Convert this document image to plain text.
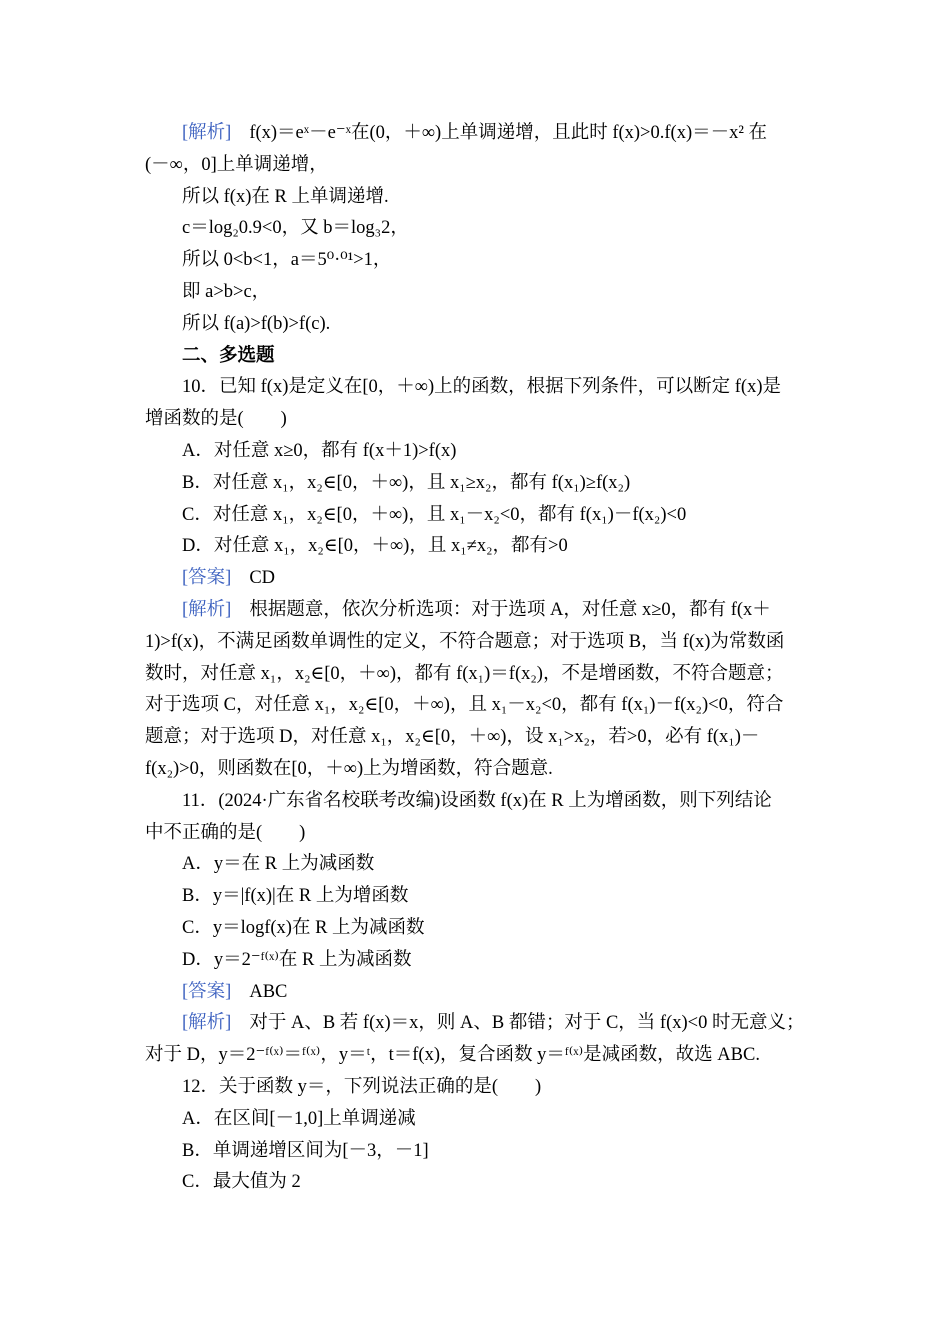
[解析] f(x)＝eˣ－e⁻ˣ在(0，＋∞)上单调递增，且此时 f(x)>0.f(x)＝－x² 在
(－∞，0]上单调递增，
所以 f(x)在 R 上单调递增.
c＝log₂0.9<0，又 b＝log₃2，
所以 0<b<1，a＝5⁰·⁰¹>1，
即 a>b>c，
所以 f(a)>f(b)>f(c).
二、多选题
10．已知 f(x)是定义在[0，＋∞)上的函数，根据下列条件，可以断定 f(x)是
增函数的是(　　)
A．对任意 x≥0，都有 f(x＋1)>f(x)
B．对任意 x₁，x₂∈[0，＋∞)，且 x₁≥x₂，都有 f(x₁)≥f(x₂)
C．对任意 x₁，x₂∈[0，＋∞)，且 x₁－x₂<0，都有 f(x₁)－f(x₂)<0
D．对任意 x₁，x₂∈[0，＋∞)，且 x₁≠x₂，都有>0
[答案] CD
[解析] 根据题意，依次分析选项：对于选项 A，对任意 x≥0，都有 f(x＋
1)>f(x)，不满足函数单调性的定义，不符合题意；对于选项 B，当 f(x)为常数函
数时，对任意 x₁，x₂∈[0，＋∞)，都有 f(x₁)＝f(x₂)，不是增函数，不符合题意；
对于选项 C，对任意 x₁，x₂∈[0，＋∞)，且 x₁－x₂<0，都有 f(x₁)－f(x₂)<0，符合
题意；对于选项 D，对任意 x₁，x₂∈[0，＋∞)，设 x₁>x₂，若>0，必有 f(x₁)－
f(x₂)>0，则函数在[0，＋∞)上为增函数，符合题意.
11．(2024·广东省名校联考改编)设函数 f(x)在 R 上为增函数，则下列结论
中不正确的是(　　)
A．y＝在 R 上为减函数
B．y＝|f(x)|在 R 上为增函数
C．y＝logf(x)在 R 上为减函数
D．y＝2⁻ᶠ⁽ˣ⁾在 R 上为减函数
[答案] ABC
[解析] 对于 A、B 若 f(x)＝x，则 A、B 都错；对于 C，当 f(x)<0 时无意义；
对于 D，y＝2⁻ᶠ⁽ˣ⁾＝ᶠ⁽ˣ⁾，y＝ᵗ，t＝f(x)，复合函数 y＝ᶠ⁽ˣ⁾是减函数，故选 ABC.
12．关于函数 y＝，下列说法正确的是(　　)
A．在区间[－1,0]上单调递减
B．单调递增区间为[－3，－1]
C．最大值为 2
